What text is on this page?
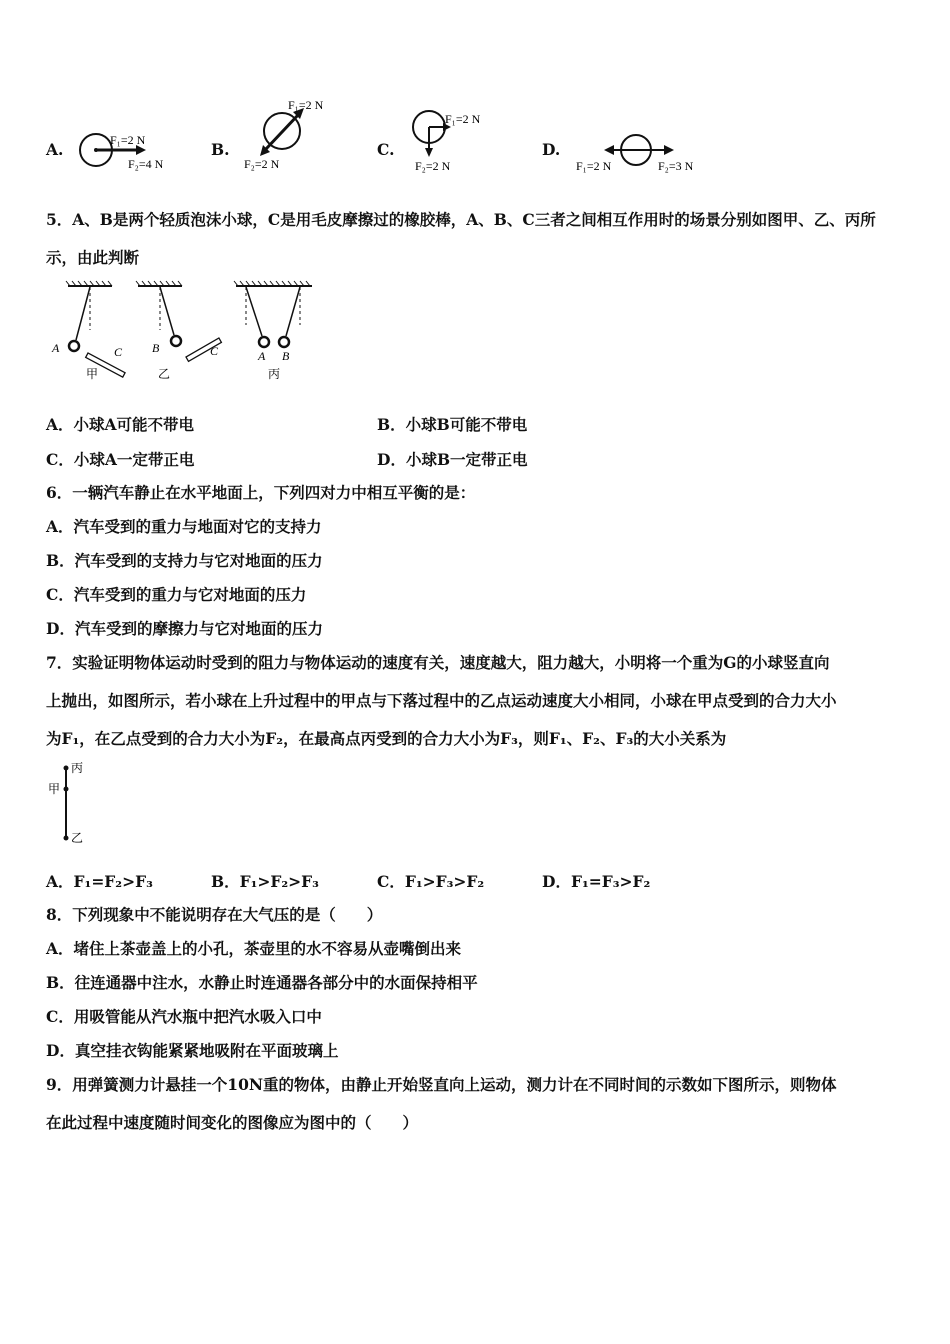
A.	F₁=2 N
F₂=4 N
B.
F₁=2 N
F₂=2 N
C.
F₁=2 N
F₂=2 N
D.
F₁=2 N	F₂=3 N
5．A、B是两个轻质泡沫小球，C是用毛皮摩擦过的橡胶棒，A、B、C三者之间相互作用时的场景分别如图甲、乙、丙所
示，由此判断
A	C
甲
B	C
乙
A B
丙
A．小球A可能不带电	B．小球B可能不带电
C．小球A一定带正电	D．小球B一定带正电
6．一辆汽车静止在水平地面上，下列四对力中相互平衡的是：
A．汽车受到的重力与地面对它的支持力
B．汽车受到的支持力与它对地面的压力
C．汽车受到的重力与它对地面的压力
D．汽车受到的摩擦力与它对地面的压力
7．实验证明物体运动时受到的阻力与物体运动的速度有关，速度越大，阻力越大，小明将一个重为G的小球竖直向
上抛出，如图所示，若小球在上升过程中的甲点与下落过程中的乙点运动速度大小相同，小球在甲点受到的合力大小
为F₁，在乙点受到的合力大小为F₂，在最高点丙受到的合力大小为F₃，则F₁、F₂、F₃的大小关系为
丙
甲
乙
A．F₁=F₂>F₃	B．F₁>F₂>F₃	C．F₁>F₃>F₂	D．F₁=F₃>F₂
8．下列现象中不能说明存在大气压的是（　　）
A．堵住上茶壶盖上的小孔，茶壶里的水不容易从壶嘴倒出来
B．往连通器中注水，水静止时连通器各部分中的水面保持相平
C．用吸管能从汽水瓶中把汽水吸入口中
D．真空挂衣钩能紧紧地吸附在平面玻璃上
9．用弹簧测力计悬挂一个10N重的物体，由静止开始竖直向上运动，测力计在不同时间的示数如下图所示，则物体
在此过程中速度随时间变化的图像应为图中的（　　）
